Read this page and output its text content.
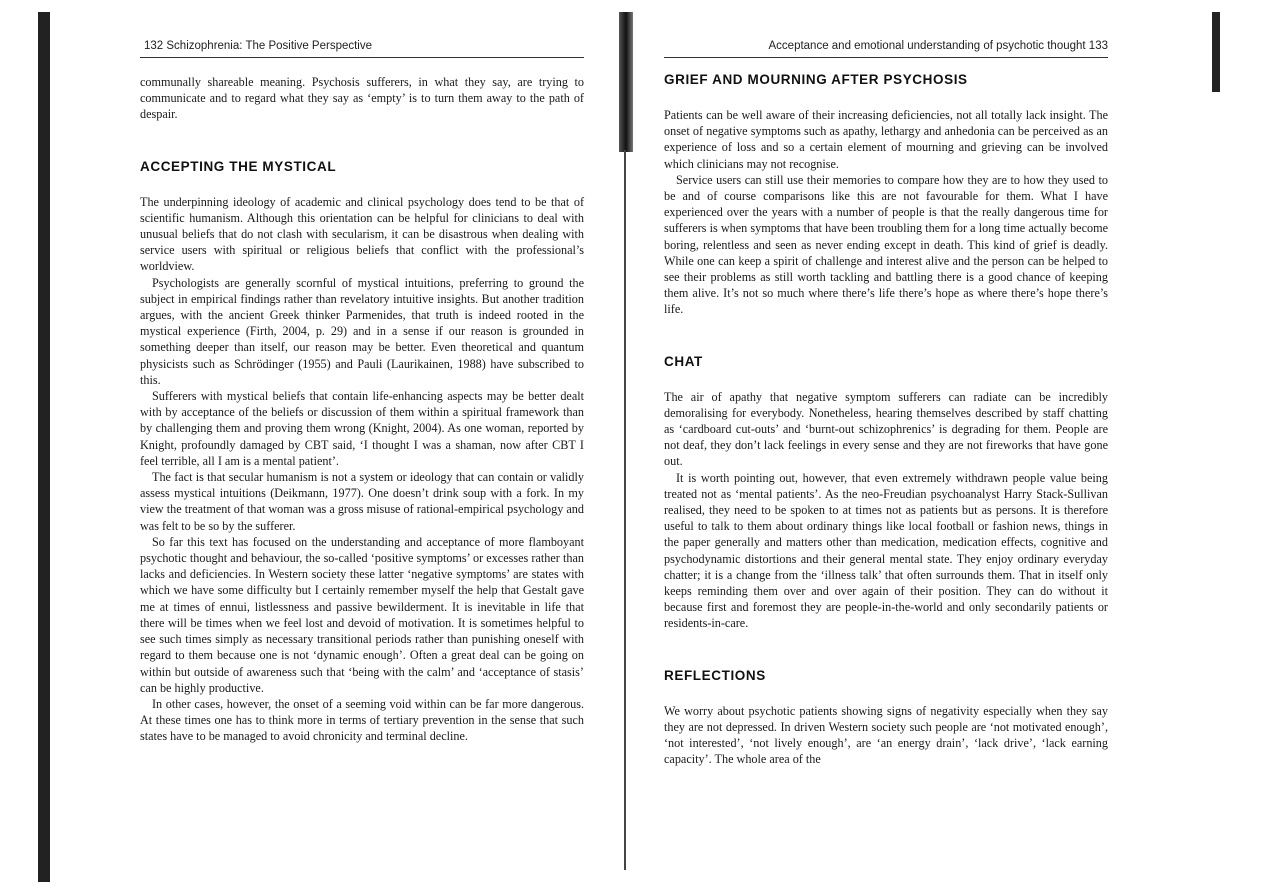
132 Schizophrenia: The Positive Perspective

communally shareable meaning. Psychosis sufferers, in what they say, are trying to communicate and to regard what they say as ‘empty’ is to turn them away to the path of despair.

ACCEPTING THE MYSTICAL

The underpinning ideology of academic and clinical psychology does tend to be that of scientific humanism. Although this orientation can be helpful for clinicians to deal with unusual beliefs that do not clash with secularism, it can be disastrous when dealing with service users with spiritual or religious beliefs that conflict with the professional’s worldview.

Psychologists are generally scornful of mystical intuitions, preferring to ground the subject in empirical findings rather than revelatory intuitive insights. But another tradition argues, with the ancient Greek thinker Parmenides, that truth is indeed rooted in the mystical experience (Firth, 2004, p. 29) and in a sense if our reason is grounded in something deeper than itself, our reason may be better. Even theoretical and quantum physicists such as Schrödinger (1955) and Pauli (Laurikainen, 1988) have subscribed to this.

Sufferers with mystical beliefs that contain life-enhancing aspects may be better dealt with by acceptance of the beliefs or discussion of them within a spiritual framework than by challenging them and proving them wrong (Knight, 2004). As one woman, reported by Knight, profoundly damaged by CBT said, ‘I thought I was a shaman, now after CBT I feel terrible, all I am is a mental patient’.

The fact is that secular humanism is not a system or ideology that can contain or validly assess mystical intuitions (Deikmann, 1977). One doesn’t drink soup with a fork. In my view the treatment of that woman was a gross misuse of rational-empirical psychology and was felt to be so by the sufferer.

So far this text has focused on the understanding and acceptance of more flamboyant psychotic thought and behaviour, the so-called ‘positive symptoms’ or excesses rather than lacks and deficiencies. In Western society these latter ‘negative symptoms’ are states with which we have some difficulty but I certainly remember myself the help that Gestalt gave me at times of ennui, listlessness and passive bewilderment. It is inevitable in life that there will be times when we feel lost and devoid of motivation. It is sometimes helpful to see such times simply as necessary transitional periods rather than punishing oneself with regard to them because one is not ‘dynamic enough’. Often a great deal can be going on within but outside of awareness such that ‘being with the calm’ and ‘acceptance of stasis’ can be highly productive.

In other cases, however, the onset of a seeming void within can be far more dangerous. At these times one has to think more in terms of tertiary prevention in the sense that such states have to be managed to avoid chronicity and terminal decline.

Acceptance and emotional understanding of psychotic thought 133
GRIEF AND MOURNING AFTER PSYCHOSIS

Patients can be well aware of their increasing deficiencies, not all totally lack insight. The onset of negative symptoms such as apathy, lethargy and anhedonia can be perceived as an experience of loss and so a certain element of mourning and grieving can be involved which clinicians may not recognise.

Service users can still use their memories to compare how they are to how they used to be and of course comparisons like this are not favourable for them. What I have experienced over the years with a number of people is that the really dangerous time for sufferers is when symptoms that have been troubling them for a long time actually become boring, relentless and seen as never ending except in death. This kind of grief is deadly. While one can keep a spirit of challenge and interest alive and the person can be helped to see their problems as still worth tackling and battling there is a good chance of keeping them alive. It’s not so much where there’s life there’s hope as where there’s hope there’s life.

CHAT

The air of apathy that negative symptom sufferers can radiate can be incredibly demoralising for everybody. Nonetheless, hearing themselves described by staff chatting as ‘cardboard cut-outs’ and ‘burnt-out schizophrenics’ is degrading for them. People are not deaf, they don’t lack feelings in every sense and they are not fireworks that have gone out.

It is worth pointing out, however, that even extremely withdrawn people value being treated not as ‘mental patients’. As the neo-Freudian psychoanalyst Harry Stack-Sullivan realised, they need to be spoken to at times not as patients but as persons. It is therefore useful to talk to them about ordinary things like local football or fashion news, things in the paper generally and matters other than medication, medication effects, cognitive and psychodynamic distortions and their general mental state. They enjoy ordinary everyday chatter; it is a change from the ‘illness talk’ that often surrounds them. That in itself only keeps reminding them over and over again of their position. They can do without it because first and foremost they are people-in-the-world and only secondarily patients or residents-in-care.

REFLECTIONS

We worry about psychotic patients showing signs of negativity especially when they say they are not depressed. In driven Western society such people are ‘not motivated enough’, ‘not interested’, ‘not lively enough’, are ‘an energy drain’, ‘lack drive’, ‘lack earning capacity’. The whole area of the
